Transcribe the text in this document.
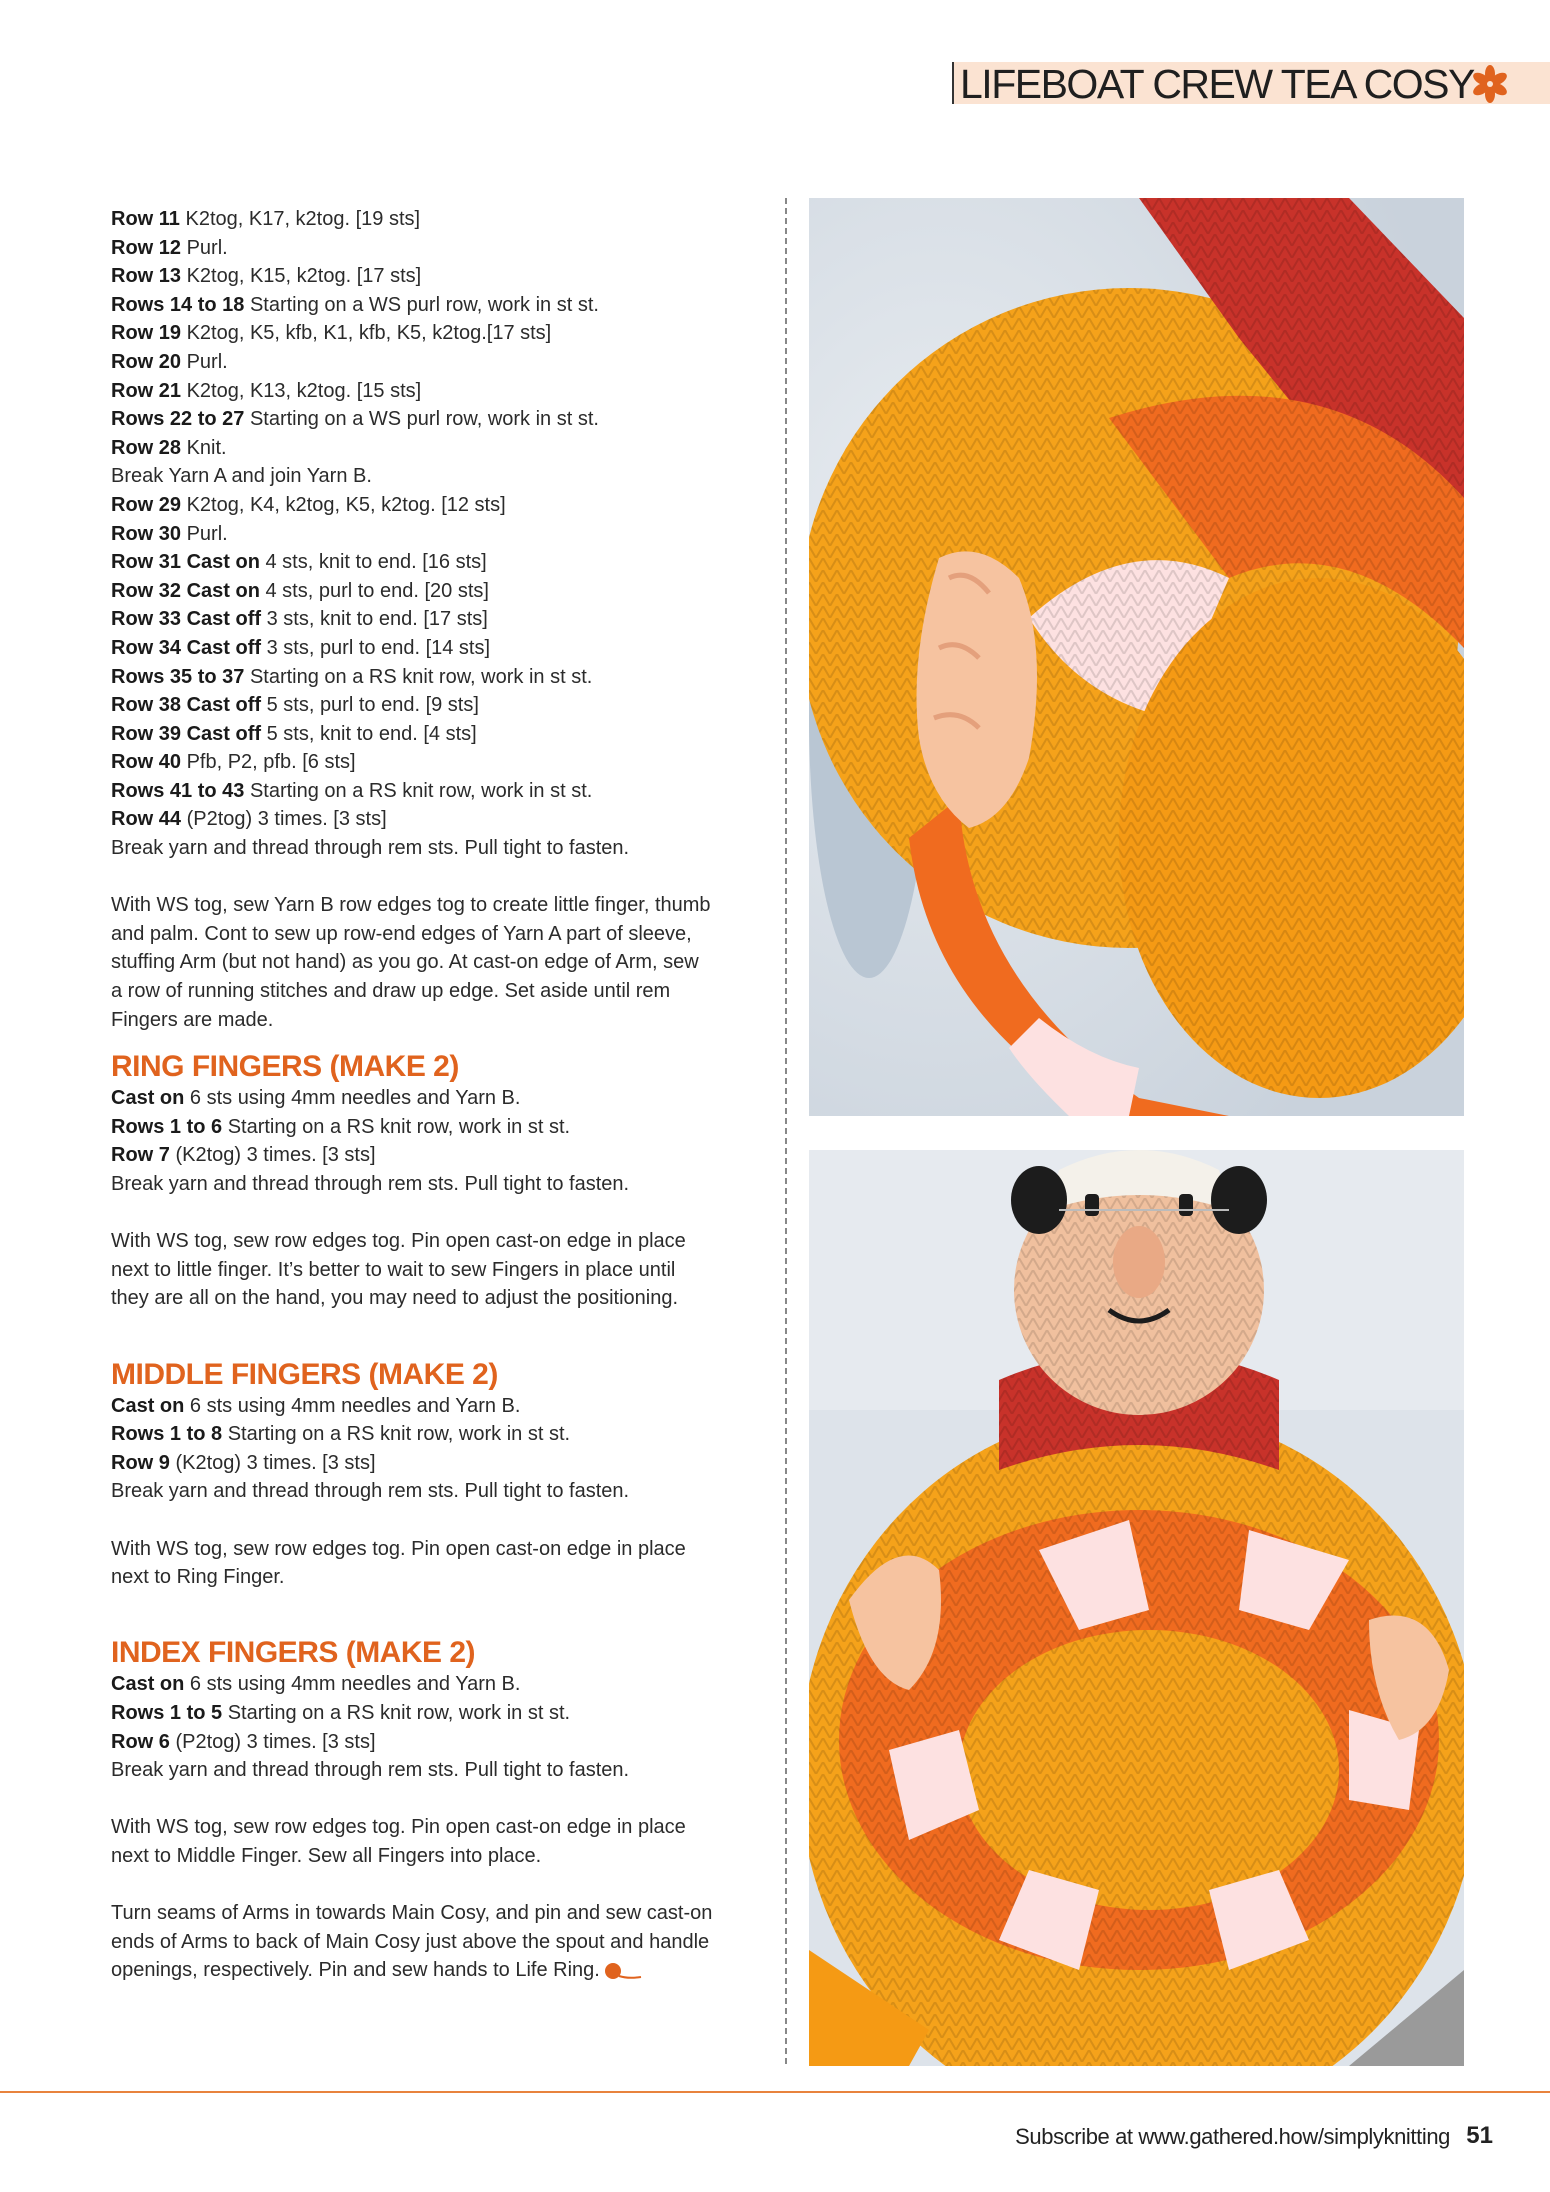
LIFEBOAT CREW TEA COSY

Row 11 K2tog, K17, k2tog. [19 sts]

Row 12 Purl.

Row 13 K2tog, K15, k2tog. [17 sts]

Rows 14 to 18 Starting on a WS purl row, work in st st.

Row 19 K2tog, K5, kfb, K1, kfb, K5, k2tog.[17 sts]

Row 20 Purl.

Row 21 K2tog, K13, k2tog. [15 sts]

Rows 22 to 27 Starting on a WS purl row, work in st st.

Row 28 Knit.

Break Yarn A and join Yarn B.

Row 29 K2tog, K4, k2tog, K5, k2tog. [12 sts]

Row 30 Purl.

Row 31 Cast on 4 sts, knit to end. [16 sts]

Row 32 Cast on 4 sts, purl to end. [20 sts]

Row 33 Cast off 3 sts, knit to end. [17 sts]

Row 34 Cast off 3 sts, purl to end. [14 sts]

Rows 35 to 37 Starting on a RS knit row, work in st st.

Row 38 Cast off 5 sts, purl to end. [9 sts]

Row 39 Cast off 5 sts, knit to end. [4 sts]

Row 40 Pfb, P2, pfb. [6 sts]

Rows 41 to 43 Starting on a RS knit row, work in st st.

Row 44 (P2tog) 3 times. [3 sts]

Break yarn and thread through rem sts. Pull tight to fasten.

With WS tog, sew Yarn B row edges tog to create little finger, thumb

and palm. Cont to sew up row-end edges of Yarn A part of sleeve,

stuffing Arm (but not hand) as you go. At cast-on edge of Arm, sew

a row of running stitches and draw up edge. Set aside until rem

Fingers are made.

RING FINGERS (MAKE 2)

Cast on 6 sts using 4mm needles and Yarn B.

Rows 1 to 6 Starting on a RS knit row, work in st st.

Row 7 (K2tog) 3 times. [3 sts]

Break yarn and thread through rem sts. Pull tight to fasten.

With WS tog, sew row edges tog. Pin open cast-on edge in place

next to little finger. It’s better to wait to sew Fingers in place until

they are all on the hand, you may need to adjust the positioning.

MIDDLE FINGERS (MAKE 2)

Cast on 6 sts using 4mm needles and Yarn B.

Rows 1 to 8 Starting on a RS knit row, work in st st.

Row 9 (K2tog) 3 times. [3 sts]

Break yarn and thread through rem sts. Pull tight to fasten.

With WS tog, sew row edges tog. Pin open cast-on edge in place

next to Ring Finger.

INDEX FINGERS (MAKE 2)

Cast on 6 sts using 4mm needles and Yarn B.

Rows 1 to 5 Starting on a RS knit row, work in st st.

Row 6 (P2tog) 3 times. [3 sts]

Break yarn and thread through rem sts. Pull tight to fasten.

With WS tog, sew row edges tog. Pin open cast-on edge in place

next to Middle Finger. Sew all Fingers into place.

Turn seams of Arms in towards Main Cosy, and pin and sew cast-on

ends of Arms to back of Main Cosy just above the spout and handle

openings, respectively. Pin and sew hands to Life Ring.

Subscribe at www.gathered.how/simplyknitting 51
